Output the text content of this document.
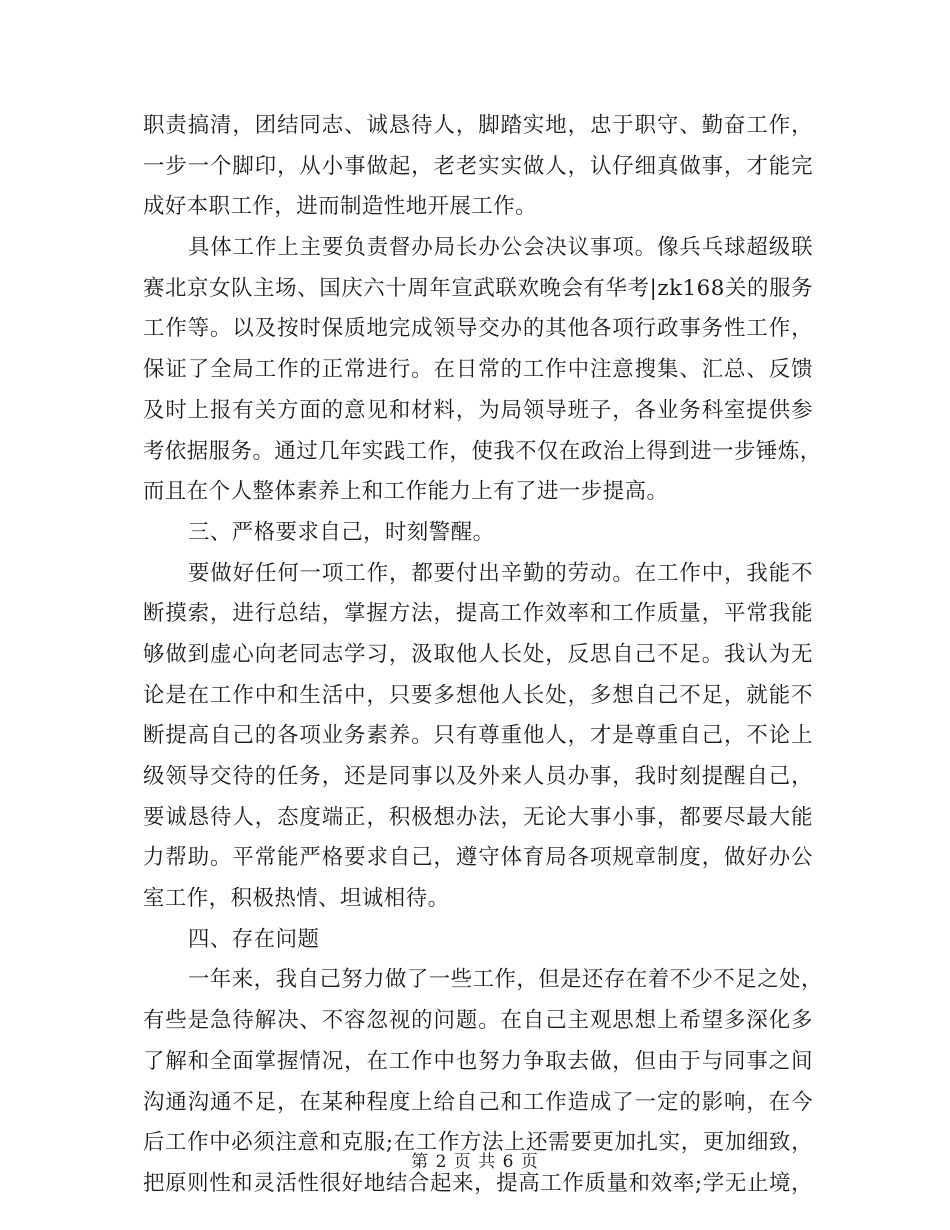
职责搞清，团结同志、诚恳待人，脚踏实地，忠于职守、勤奋工作，
一步一个脚印，从小事做起，老老实实做人，认仔细真做事，才能完
成好本职工作，进而制造性地开展工作。
具体工作上主要负责督办局长办公会决议事项。像兵乓球超级联
赛北京女队主场、国庆六十周年宣武联欢晚会有华考|zk168关的服务
工作等。以及按时保质地完成领导交办的其他各项行政事务性工作，
保证了全局工作的正常进行。在日常的工作中注意搜集、汇总、反馈
及时上报有关方面的意见和材料，为局领导班子，各业务科室提供参
考依据服务。通过几年实践工作，使我不仅在政治上得到进一步锤炼，
而且在个人整体素养上和工作能力上有了进一步提高。
三、严格要求自己，时刻警醒。
要做好任何一项工作，都要付出辛勤的劳动。在工作中，我能不
断摸索，进行总结，掌握方法，提高工作效率和工作质量，平常我能
够做到虚心向老同志学习，汲取他人长处，反思自己不足。我认为无
论是在工作中和生活中，只要多想他人长处，多想自己不足，就能不
断提高自己的各项业务素养。只有尊重他人，才是尊重自己，不论上
级领导交待的任务，还是同事以及外来人员办事，我时刻提醒自己，
要诚恳待人，态度端正，积极想办法，无论大事小事，都要尽最大能
力帮助。平常能严格要求自己，遵守体育局各项规章制度，做好办公
室工作，积极热情、坦诚相待。
四、存在问题
一年来，我自己努力做了一些工作，但是还存在着不少不足之处，
有些是急待解决、不容忽视的问题。在自己主观思想上希望多深化多
了解和全面掌握情况，在工作中也努力争取去做，但由于与同事之间
沟通沟通不足，在某种程度上给自己和工作造成了一定的影响，在今
后工作中必须注意和克服;在工作方法上还需要更加扎实，更加细致，
把原则性和灵活性很好地结合起来，提高工作质量和效率;学无止境，
第 2 页 共 6 页
